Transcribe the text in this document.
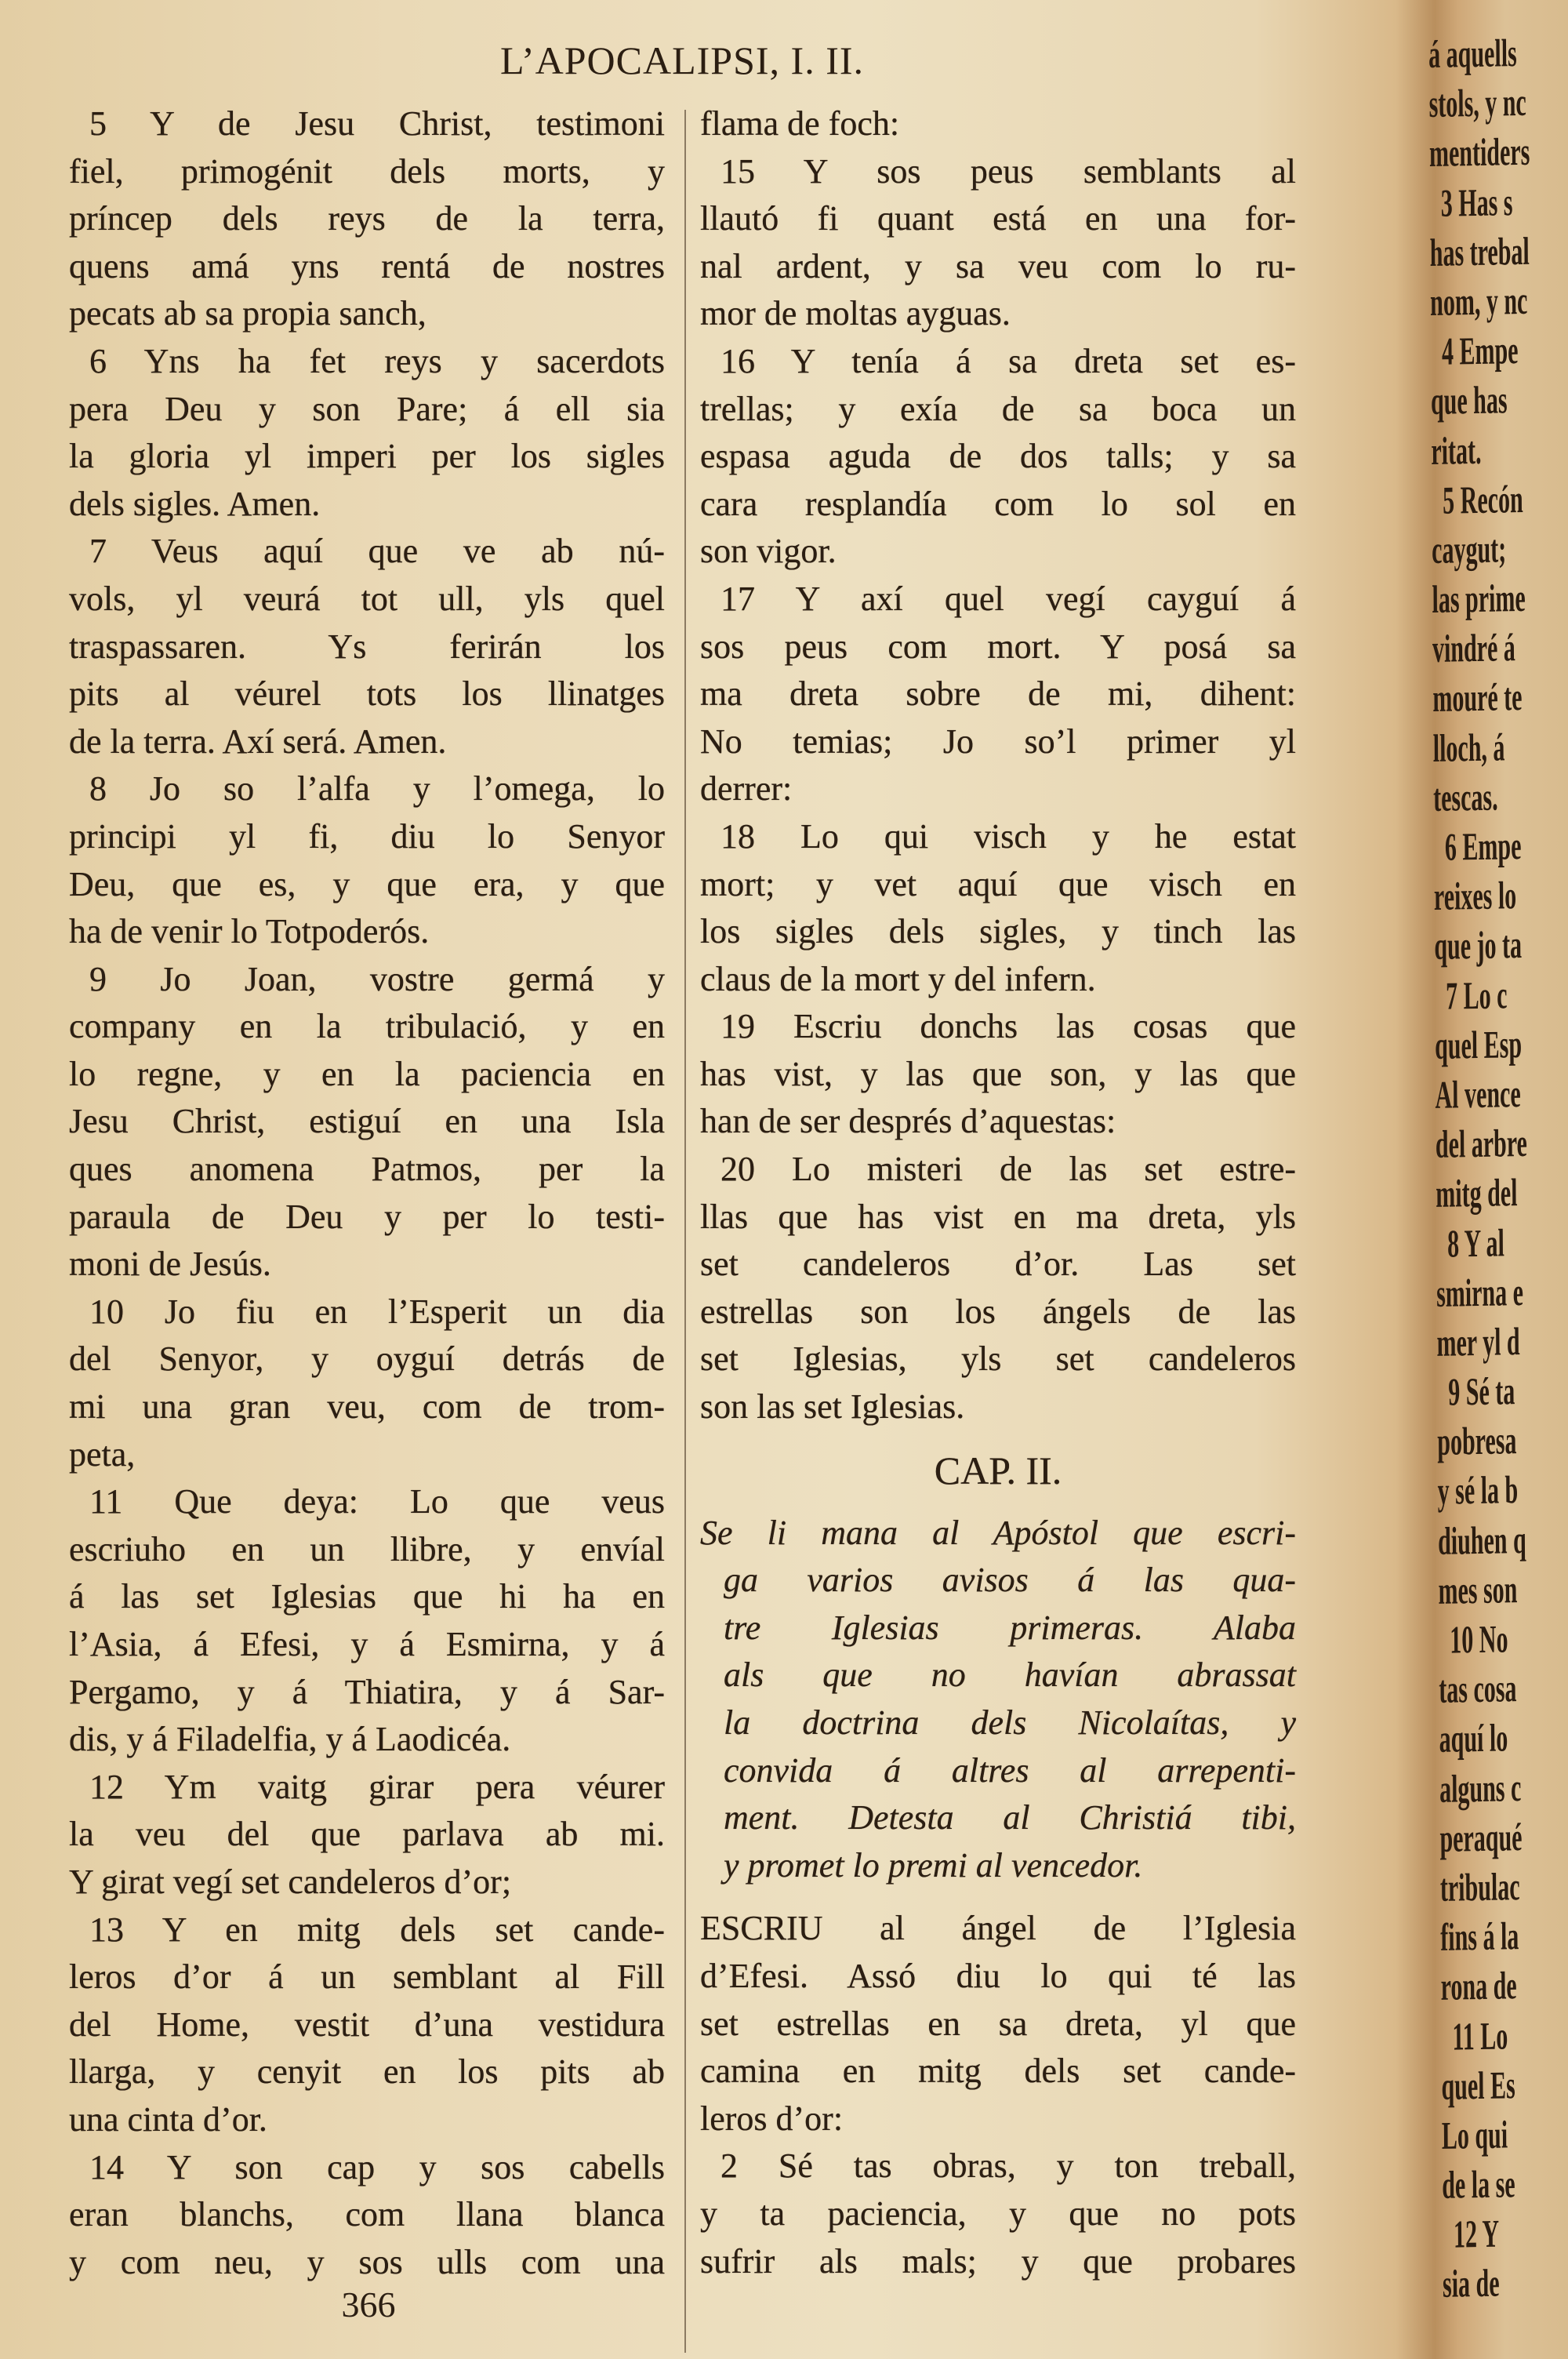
L’APOCALIPSI, I. II.
5 Y de Jesu Christ, testimoni
fiel, primogénit dels morts, y
príncep dels reys de la terra,
quens amá yns rentá de nostres
pecats ab sa propia sanch,
6 Yns ha fet reys y sacerdots
pera Deu y son Pare; á ell sia
la gloria yl imperi per los sigles
dels sigles. Amen.
7 Veus aquí que ve ab nú-
vols, yl veurá tot ull, yls quel
traspassaren. Ys ferirán los
pits al véurel tots los llinatges
de la terra. Axí será. Amen.
8 Jo so l’alfa y l’omega, lo
principi yl fi, diu lo Senyor
Deu, que es, y que era, y que
ha de venir lo Totpoderós.
9 Jo Joan, vostre germá y
company en la tribulació, y en
lo regne, y en la paciencia en
Jesu Christ, estiguí en una Isla
ques anomena Patmos, per la
paraula de Deu y per lo testi-
moni de Jesús.
10 Jo fiu en l’Esperit un dia
del Senyor, y oyguí detrás de
mi una gran veu, com de trom-
peta,
11 Que deya: Lo que veus
escriuho en un llibre, y envíal
á las set Iglesias que hi ha en
l’Asia, á Efesi, y á Esmirna, y á
Pergamo, y á Thiatira, y á Sar-
dis, y á Filadelfia, y á Laodicéa.
12 Ym vaitg girar pera véurer
la veu del que parlava ab mi.
Y girat vegí set candeleros d’or;
13 Y en mitg dels set cande-
leros d’or á un semblant al Fill
del Home, vestit d’una vestidura
llarga, y cenyit en los pits ab
una cinta d’or.
14 Y son cap y sos cabells
eran blanchs, com llana blanca
y com neu, y sos ulls com una
flama de foch:
15 Y sos peus semblants al
llautó fi quant está en una for-
nal ardent, y sa veu com lo ru-
mor de moltas ayguas.
16 Y tenía á sa dreta set es-
trellas; y exía de sa boca un
espasa aguda de dos talls; y sa
cara resplandía com lo sol en
son vigor.
17 Y axí quel vegí cayguí á
sos peus com mort. Y posá sa
ma dreta sobre de mi, dihent:
No temias; Jo so’l primer yl
derrer:
18 Lo qui visch y he estat
mort; y vet aquí que visch en
los sigles dels sigles, y tinch las
claus de la mort y del infern.
19 Escriu donchs las cosas que
has vist, y las que son, y las que
han de ser després d’aquestas:
20 Lo misteri de las set estre-
llas que has vist en ma dreta, yls
set candeleros d’or. Las set
estrellas son los ángels de las
set Iglesias, yls set candeleros
son las set Iglesias.
CAP. II.
Se li mana al Apóstol que escri-
ga varios avisos á las qua-
tre Iglesias primeras. Alaba
als que no havían abrassat
la doctrina dels Nicolaítas, y
convida á altres al arrepenti-
ment. Detesta al Christiá tibi,
y promet lo premi al vencedor.
ESCRIU al ángel de l’Iglesia
d’Efesi. Assó diu lo qui té las
set estrellas en sa dreta, yl que
camina en mitg dels set cande-
leros d’or:
2 Sé tas obras, y ton treball,
y ta paciencia, y que no pots
sufrir als mals; y que probares
366
á aquells
stols, y nc
mentiders
3 Has s
has trebal
nom, y nc
4 Empe
que has
ritat.
5 Recón
caygut;
las prime
vindré á
mouré te
lloch, á
tescas.
6 Empe
reixes lo
que jo ta
7 Lo c
quel Esp
Al vence
del arbre
mitg del
8 Y al
smirna e
mer yl d
9 Sé ta
pobresa
y sé la b
diuhen q
mes son
10 No
tas cosa
aquí lo
alguns c
peraqué
tribulac
fins á la
rona de
11 Lo
quel Es
Lo qui
de la se
12 Y
sia de
